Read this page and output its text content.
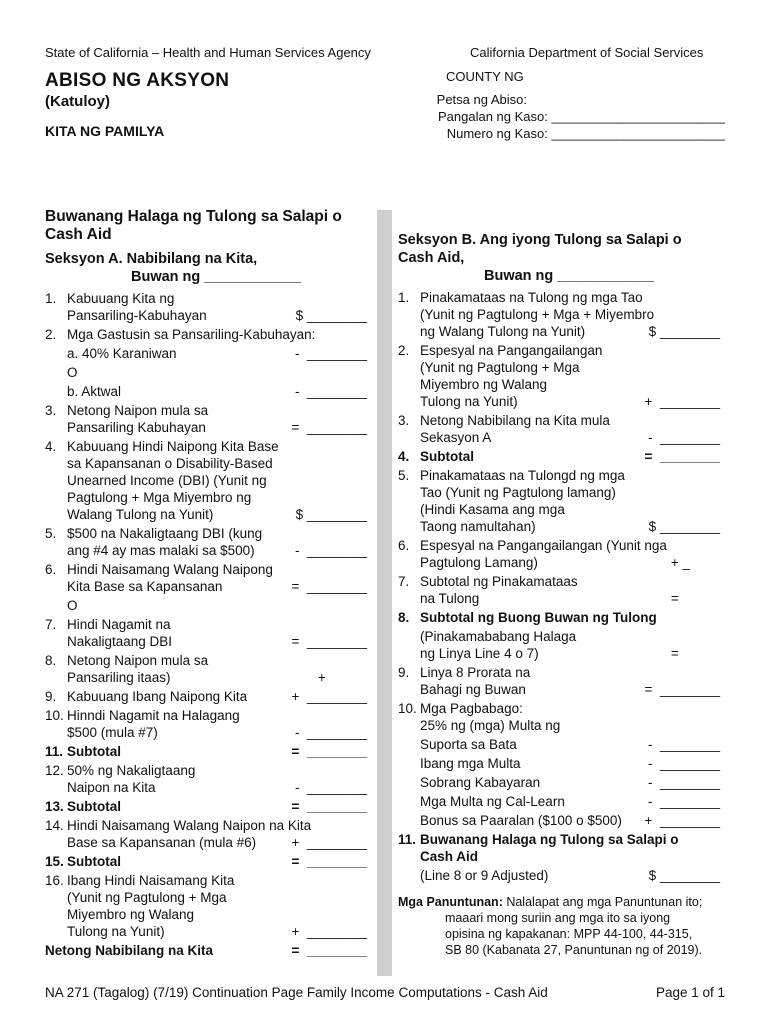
State of California – Health and Human Services Agency	California Department of Social Services
ABISO NG AKSYON
(Katuloy)
KITA NG PAMILYA
COUNTY NG
Petsa ng Abiso:
Pangalan ng Kaso: ________________________
Numero ng Kaso: ________________________
Buwanang Halaga ng Tulong sa Salapi o
Cash Aid
Seksyon A. Nabibilang na Kita,
Buwan ng ____________
1. Kabuuang Kita ng
Pansariling-Kabuhayan	$ ________
2. Mga Gastusin sa Pansariling-Kabuhayan:
a. 40% Karaniwan	-  ________
O
b. Aktwal	-  ________
3. Netong Naipon mula sa
Pansariling Kabuhayan	=  ________
4. Kabuuang Hindi Naipong Kita Base
sa Kapansanan o Disability-Based
Unearned Income (DBI) (Yunit ng
Pagtulong + Mga Miyembro ng
Walang Tulong na Yunit)	$ ________
5. $500 na Nakaligtaang DBI (kung
ang #4 ay mas malaki sa $500)	-  ________
6. Hindi Naisamang Walang Naipong
Kita Base sa Kapansanan	=  ________
O
7. Hindi Nagamit na
Nakaligtaang DBI	=  ________
8. Netong Naipon mula sa
Pansariling itaas)	+
9. Kabuuang Ibang Naipong Kita	+  ________
10. Hinndi Nagamit na Halagang
$500 (mula #7)	-  ________
11. Subtotal	=  ________
12. 50% ng Nakaligtaang
Naipon na Kita	-  ________
13. Subtotal	=  ________
14. Hindi Naisamang Walang Naipon na Kita
Base sa Kapansanan (mula #6)	+  ________
15. Subtotal	=  ________
16. Ibang Hindi Naisamang Kita
(Yunit ng Pagtulong + Mga
Miyembro ng Walang
Tulong na Yunit)	+  ________
Netong Nabibilang na Kita	=  ________
Seksyon B. Ang iyong Tulong sa Salapi o
Cash Aid,
Buwan ng ____________
1. Pinakamataas na Tulong ng mga Tao
(Yunit ng Pagtulong + Mga + Miyembro
ng Walang Tulong na Yunit)	$ ________
2. Espesyal na Pangangailangan
(Yunit ng Pagtulong + Mga
Miyembro ng Walang
Tulong na Yunit)	+  ________
3. Netong Nabibilang na Kita mula
Sekasyon A	-  ________
4. Subtotal	=  ________
5. Pinakamataas na Tulongd ng mga
Tao (Yunit ng Pagtulong lamang)
(Hindi Kasama ang mga
Taong namultahan)	$ ________
6. Espesyal na Pangangailangan (Yunit nga
Pagtulong Lamang)	+ _
7. Subtotal ng Pinakamataas
na Tulong	=
8. Subtotal ng Buong Buwan ng Tulong
(Pinakamababang Halaga
ng Linya Line 4 o 7)	=
9. Linya 8 Prorata na
Bahagi ng Buwan	=  ________
10. Mga Pagbabago:
25% ng (mga) Multa ng
Suporta sa Bata	-  ________
Ibang mga Multa	-  ________
Sobrang Kabayaran	-  ________
Mga Multa ng Cal-Learn	-  ________
Bonus sa Paaralan ($100 o $500)	+  ________
11. Buwanang Halaga ng Tulong sa Salapi o
Cash Aid
(Line 8 or 9 Adjusted)	$ ________
Mga Panuntunan: Nalalapat ang mga Panuntunan ito;
maaari mong suriin ang mga ito sa iyong
opisina ng kapakanan: MPP 44-100, 44-315,
SB 80 (Kabanata 27, Panuntunan ng of 2019).
NA 271 (Tagalog) (7/19) Continuation Page Family Income Computations - Cash Aid	Page 1 of 1
